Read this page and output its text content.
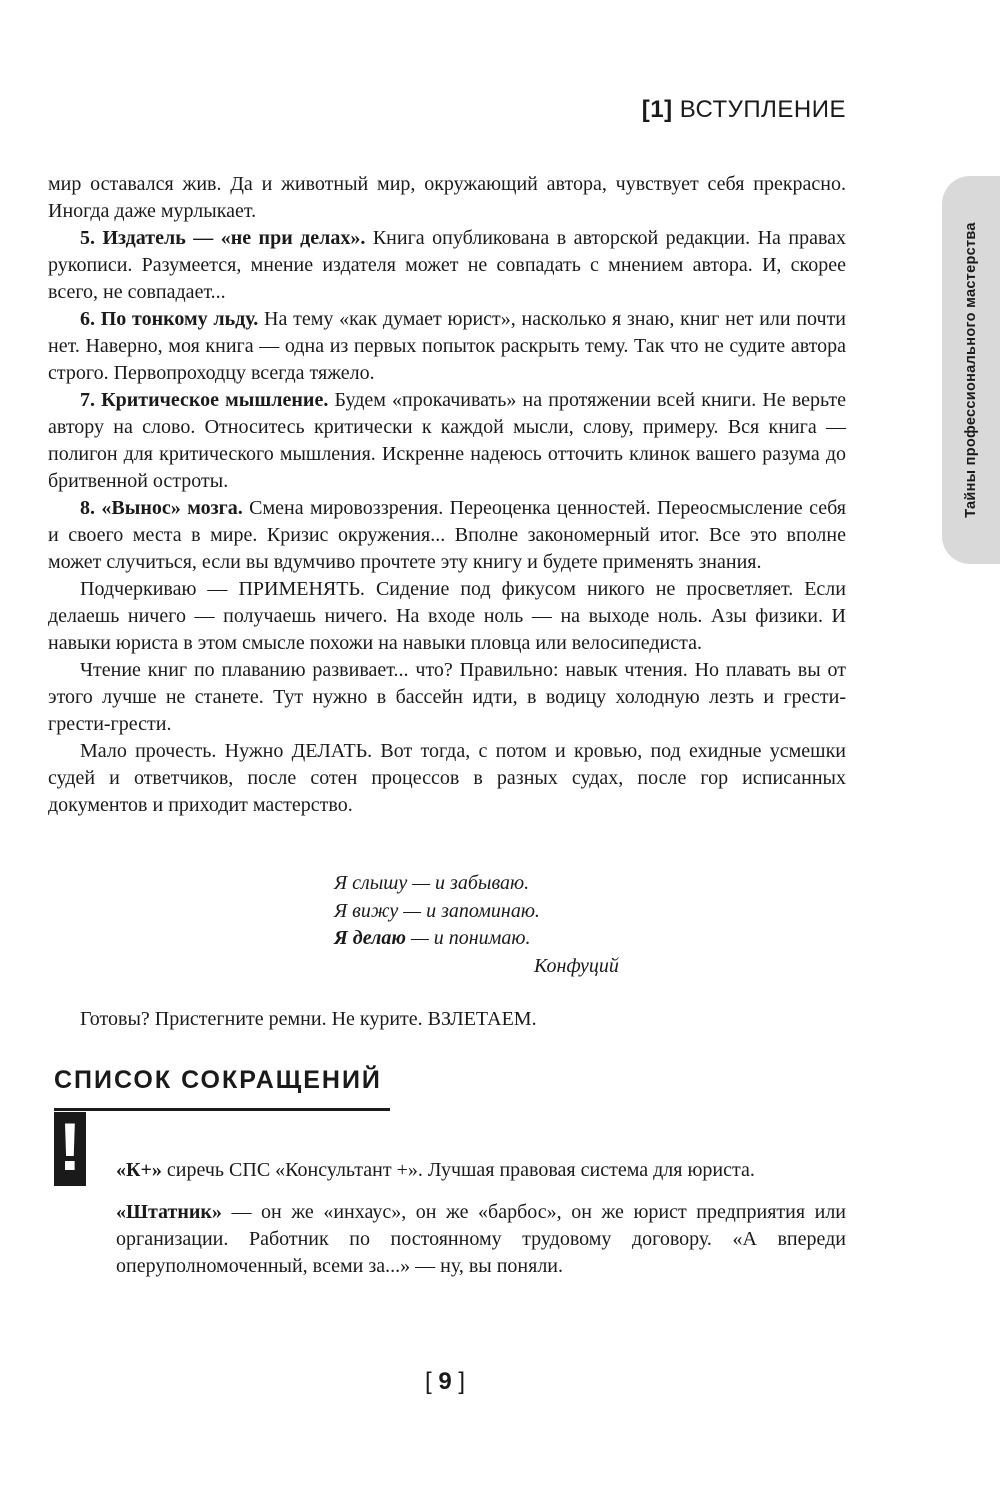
[1] ВСТУПЛЕНИЕ
Тайны профессионального мастерства

мир оставался жив. Да и животный мир, окружающий автора, чувствует себя прекрасно. Иногда даже мурлыкает.

5. Издатель — «не при делах». Книга опубликована в авторской редакции. На правах рукописи. Разумеется, мнение издателя может не совпадать с мнением автора. И, скорее всего, не совпадает...

6. По тонкому льду. На тему «как думает юрист», насколько я знаю, книг нет или почти нет. Наверно, моя книга — одна из первых попыток раскрыть тему. Так что не судите автора строго. Первопроходцу всегда тяжело.

7. Критическое мышление. Будем «прокачивать» на протяжении всей книги. Не верьте автору на слово. Относитесь критически к каждой мысли, слову, примеру. Вся книга — полигон для критического мышления. Искренне надеюсь отточить клинок вашего разума до бритвенной остроты.

8. «Вынос» мозга. Смена мировоззрения. Переоценка ценностей. Переосмысление себя и своего места в мире. Кризис окружения... Вполне закономерный итог. Все это вполне может случиться, если вы вдумчиво прочтете эту книгу и будете применять знания.

Подчеркиваю — ПРИМЕНЯТЬ. Сидение под фикусом никого не просветляет. Если делаешь ничего — получаешь ничего. На входе ноль — на выходе ноль. Азы физики. И навыки юриста в этом смысле похожи на навыки пловца или велосипедиста.

Чтение книг по плаванию развивает... что? Правильно: навык чтения. Но плавать вы от этого лучше не станете. Тут нужно в бассейн идти, в водицу холодную лезть и грести-грести-грести.

Мало прочесть. Нужно ДЕЛАТЬ. Вот тогда, с потом и кровью, под ехидные усмешки судей и ответчиков, после сотен процессов в разных судах, после гор исписанных документов и приходит мастерство.

Я слышу — и забываю.
Я вижу — и запоминаю.
Я делаю — и понимаю.
Конфуций
Готовы? Пристегните ремни. Не курите. ВЗЛЕТАЕМ.
СПИСОК СОКРАЩЕНИЙ
! «К+» сиречь СПС «Консультант +». Лучшая правовая система для юриста.

«Штатник» — он же «инхаус», он же «барбос», он же юрист предприятия или организации. Работник по постоянному трудовому договору. «А впереди оперуполномоченный, всеми за...» — ну, вы поняли.

[ 9 ]
